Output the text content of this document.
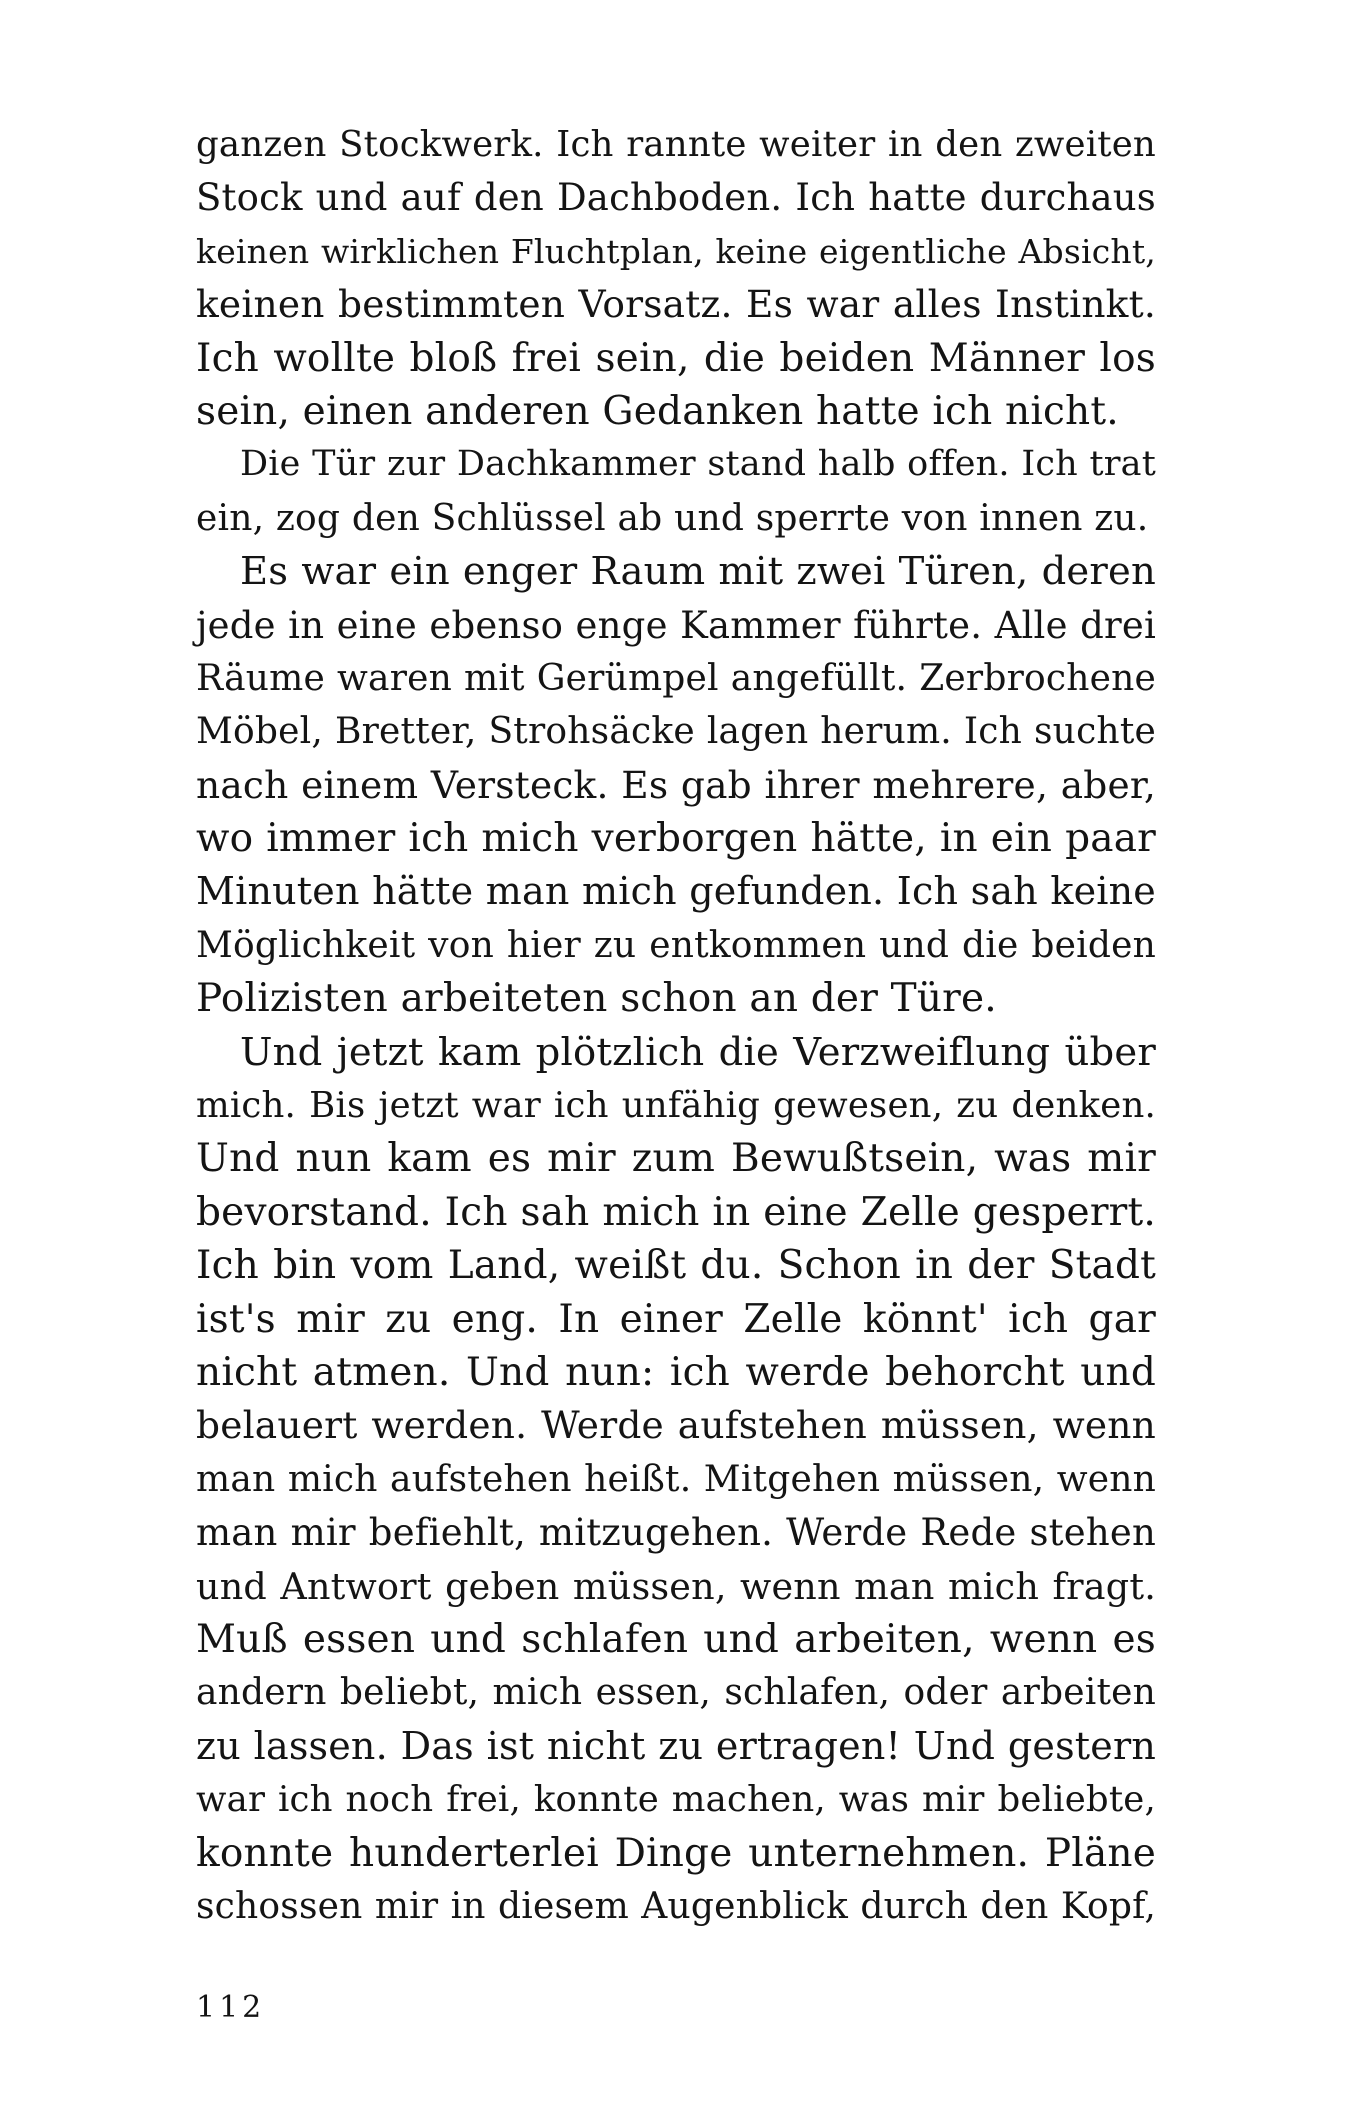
ganzen Stockwerk. Ich rannte weiter in den zweiten
Stock und auf den Dachboden. Ich hatte durchaus
keinen wirklichen Fluchtplan, keine eigentliche Absicht,
keinen bestimmten Vorsatz. Es war alles Instinkt.
Ich wollte bloß frei sein, die beiden Männer los
sein, einen anderen Gedanken hatte ich nicht.
Die Tür zur Dachkammer stand halb offen. Ich trat
ein, zog den Schlüssel ab und sperrte von innen zu.
Es war ein enger Raum mit zwei Türen, deren
jede in eine ebenso enge Kammer führte. Alle drei
Räume waren mit Gerümpel angefüllt. Zerbrochene
Möbel, Bretter, Strohsäcke lagen herum. Ich suchte
nach einem Versteck. Es gab ihrer mehrere, aber,
wo immer ich mich verborgen hätte, in ein paar
Minuten hätte man mich gefunden. Ich sah keine
Möglichkeit von hier zu entkommen und die beiden
Polizisten arbeiteten schon an der Türe.
Und jetzt kam plötzlich die Verzweiflung über
mich. Bis jetzt war ich unfähig gewesen, zu denken.
Und nun kam es mir zum Bewußtsein, was mir
bevorstand. Ich sah mich in eine Zelle gesperrt.
Ich bin vom Land, weißt du. Schon in der Stadt
ist's mir zu eng. In einer Zelle könnt' ich gar
nicht atmen. Und nun: ich werde behorcht und
belauert werden. Werde aufstehen müssen, wenn
man mich aufstehen heißt. Mitgehen müssen, wenn
man mir befiehlt, mitzugehen. Werde Rede stehen
und Antwort geben müssen, wenn man mich fragt.
Muß essen und schlafen und arbeiten, wenn es
andern beliebt, mich essen, schlafen, oder arbeiten
zu lassen. Das ist nicht zu ertragen! Und gestern
war ich noch frei, konnte machen, was mir beliebte,
konnte hunderterlei Dinge unternehmen. Pläne
schossen mir in diesem Augenblick durch den Kopf,
112
